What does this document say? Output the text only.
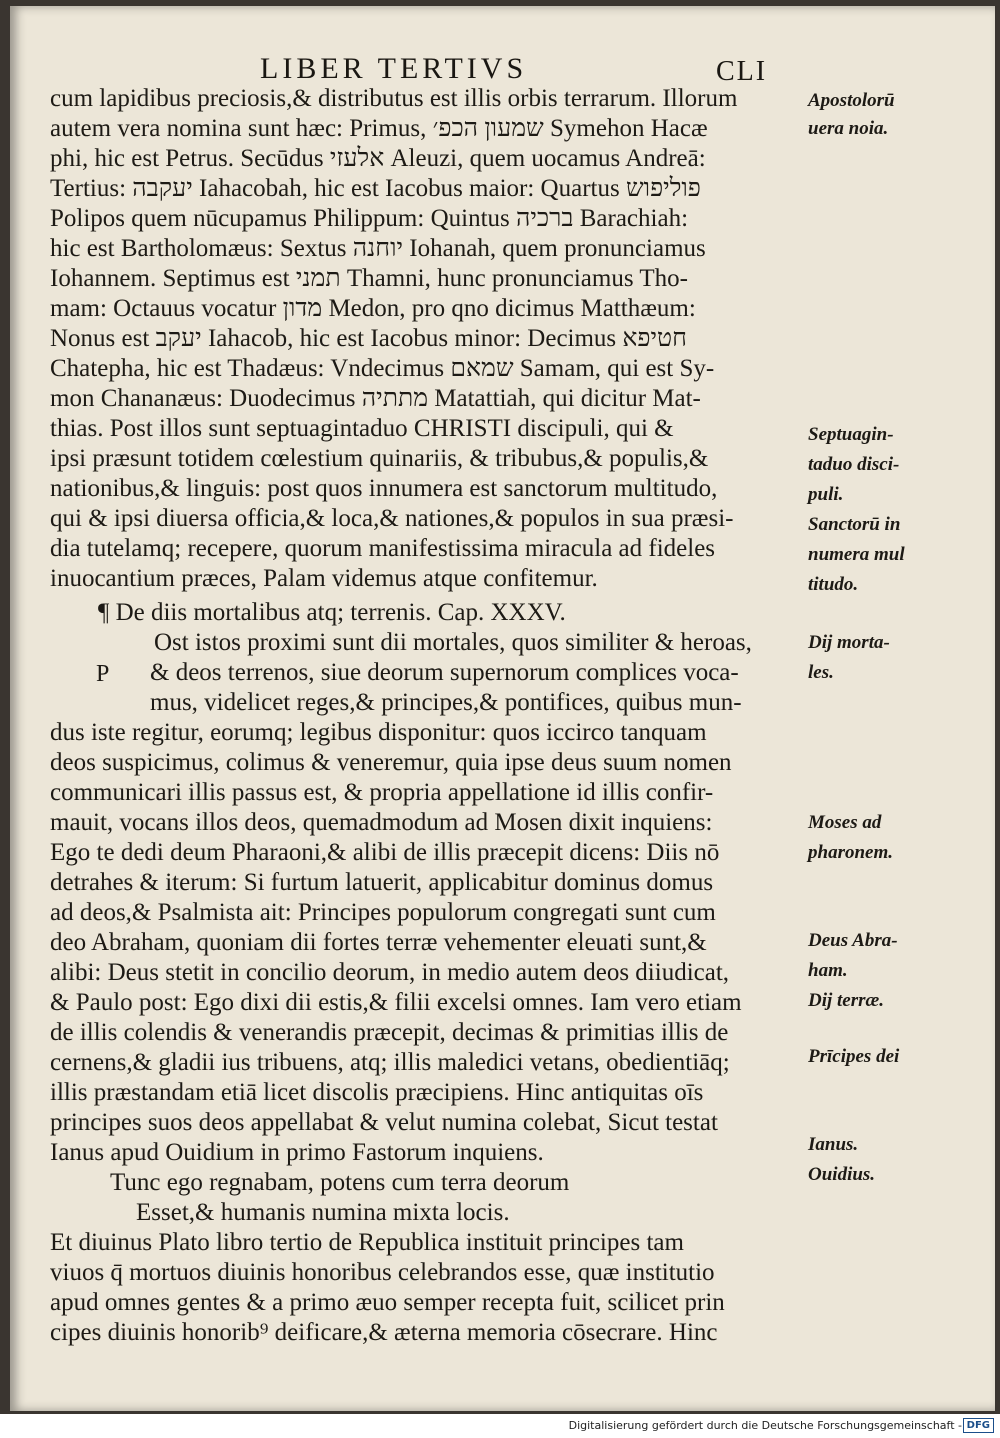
LIBER TERTIVS	CLI
cum lapidibus preciosis,& distributus est illis orbis terrarum. Illorum
autem vera nomina sunt hæc: Primus, שמעון הכפ׳ Symehon Hacæ
phi, hic est Petrus. Secūdus אלעזי Aleuzi, quem uocamus Andreā:
Tertius: יעקבה Iahacobah, hic est Iacobus maior: Quartus פוליפוש
Polipos quem nūcupamus Philippum: Quintus ברכיה Barachiah:
hic est Bartholomæus: Sextus יוחנה Iohanah, quem pronunciamus
Iohannem. Septimus est תמני Thamni, hunc pronunciamus Tho-
mam: Octauus vocatur מדון Medon, pro qno dicimus Matthæum:
Nonus est יעקב Iahacob, hic est Iacobus minor: Decimus חטיפא
Chatepha, hic est Thadæus: Vndecimus שמאם Samam, qui est Sy-
mon Chananæus: Duodecimus מתתיה Matattiah, qui dicitur Mat-
thias. Post illos sunt septuagintaduo CHRISTI discipuli, qui &
ipsi præsunt totidem cœlestium quinariis, & tribubus,& populis,&
nationibus,& linguis: post quos innumera est sanctorum multitudo,
qui & ipsi diuersa officia,& loca,& nationes,& populos in sua præsi-
dia tutelamq; recepere, quorum manifestissima miracula ad fideles
inuocantium præces, Palam videmus atque confitemur.
¶ De diis mortalibus atq; terrenis. Cap. XXXV.
Ost istos proximi sunt dii mortales, quos similiter & heroas,
& deos terrenos, siue deorum supernorum complices voca-
mus, videlicet reges,& principes,& pontifices, quibus mun-
dus iste regitur, eorumq; legibus disponitur: quos iccirco tanquam
deos suspicimus, colimus & veneremur, quia ipse deus suum nomen
communicari illis passus est, & propria appellatione id illis confir-
mauit, vocans illos deos, quemadmodum ad Mosen dixit inquiens:
Ego te dedi deum Pharaoni,& alibi de illis præcepit dicens: Diis nō
detrahes & iterum: Si furtum latuerit, applicabitur dominus domus
ad deos,& Psalmista ait: Principes populorum congregati sunt cum
deo Abraham, quoniam dii fortes terræ vehementer eleuati sunt,&
alibi: Deus stetit in concilio deorum, in medio autem deos diiudicat,
& Paulo post: Ego dixi dii estis,& filii excelsi omnes. Iam vero etiam
de illis colendis & venerandis præcepit, decimas & primitias illis de
cernens,& gladii ius tribuens, atq; illis maledici vetans, obedientiāq;
illis præstandam etiā licet discolis præcipiens. Hinc antiquitas oīs
principes suos deos appellabat & velut numina colebat, Sicut testat
Ianus apud Ouidium in primo Fastorum inquiens.
Tunc ego regnabam, potens cum terra deorum
Esset,& humanis numina mixta locis.
Et diuinus Plato libro tertio de Republica instituit principes tam
viuos q̄ mortuos diuinis honoribus celebrandos esse, quæ institutio
apud omnes gentes & a primo æuo semper recepta fuit, scilicet prin
cipes diuinis honorib⁹ deificare,& æterna memoria cōsecrare. Hinc
P
Apostolorū
uera noia.
Septuagin-
taduo disci-
puli.
Sanctorū in
numera mul
titudo.
Dij morta-
les.
Moses ad
pharonem.
Deus Abra-
ham.
Dij terræ.
Prīcipes dei
Ianus.
Ouidius.
Digitalisierung gefördert durch die Deutsche Forschungsgemeinschaft - DFG
